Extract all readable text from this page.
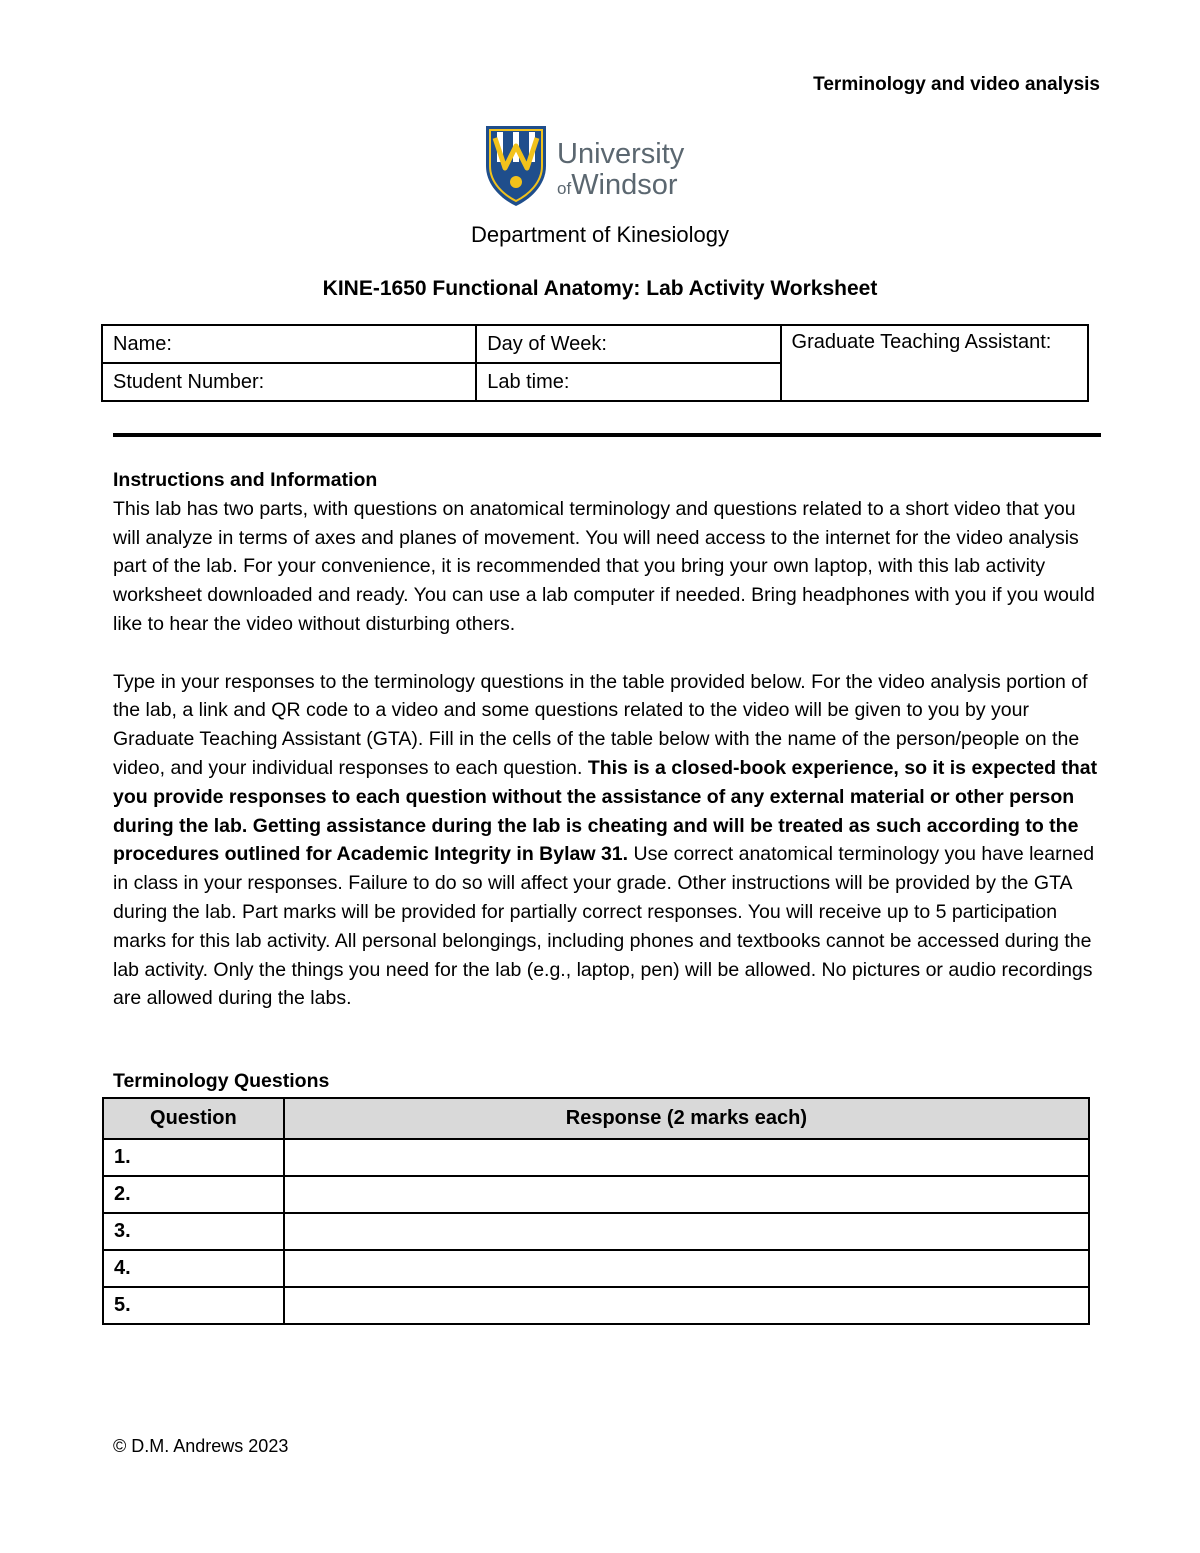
Terminology and video analysis
University
ofWindsor
Department of Kinesiology
KINE-1650 Functional Anatomy: Lab Activity Worksheet
Name:	Day of Week:	Graduate Teaching Assistant:
Student Number:	Lab time:	

Instructions and Information

This lab has two parts, with questions on anatomical terminology and questions related to a short video that you will analyze in terms of axes and planes of movement. You will need access to the internet for the video analysis part of the lab. For your convenience, it is recommended that you bring your own laptop, with this lab activity worksheet downloaded and ready. You can use a lab computer if needed. Bring headphones with you if you would like to hear the video without disturbing others.

Type in your responses to the terminology questions in the table provided below. For the video analysis portion of the lab, a link and QR code to a video and some questions related to the video will be given to you by your Graduate Teaching Assistant (GTA). Fill in the cells of the table below with the name of the person/people on the video, and your individual responses to each question. This is a closed-book experience, so it is expected that you provide responses to each question without the assistance of any external material or other person during the lab. Getting assistance during the lab is cheating and will be treated as such according to the procedures outlined for Academic Integrity in Bylaw 31. Use correct anatomical terminology you have learned in class in your responses. Failure to do so will affect your grade. Other instructions will be provided by the GTA during the lab. Part marks will be provided for partially correct responses. You will receive up to 5 participation marks for this lab activity. All personal belongings, including phones and textbooks cannot be accessed during the lab activity. Only the things you need for the lab (e.g., laptop, pen) will be allowed. No pictures or audio recordings are allowed during the labs.

Terminology Questions
Question	Response (2 marks each)
1.	
2.	
3.	
4.	
5.	
© D.M. Andrews 2023
